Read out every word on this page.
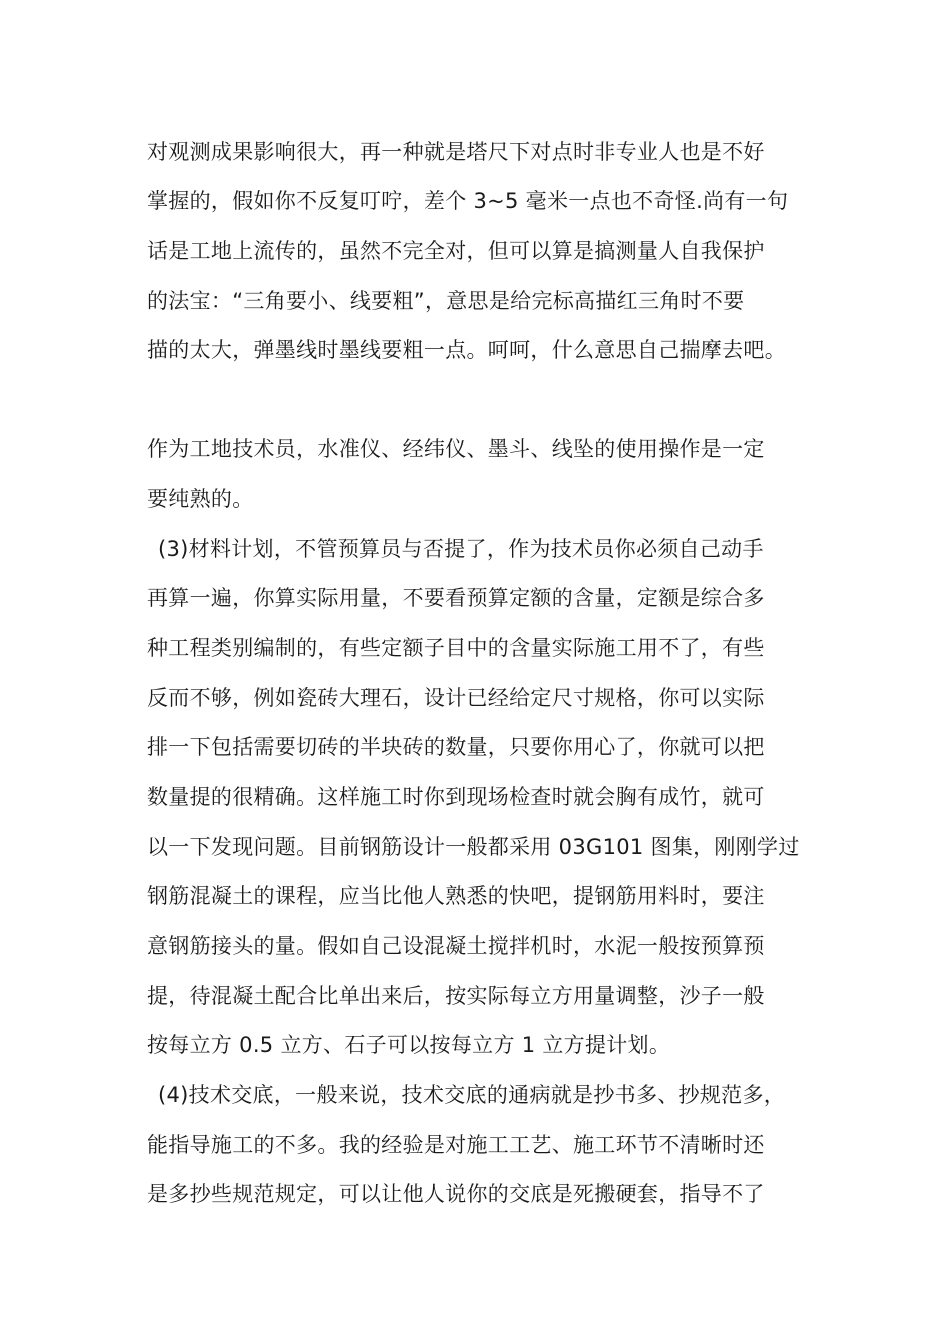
对观测成果影响很大，再一种就是塔尺下对点时非专业人也是不好

掌握的，假如你不反复叮咛，差个 3~5 毫米一点也不奇怪.尚有一句

话是工地上流传的，虽然不完全对，但可以算是搞测量人自我保护

的法宝：“三角要小、线要粗”，意思是给完标高描红三角时不要

描的太大，弹墨线时墨线要粗一点。呵呵，什么意思自己揣摩去吧。

作为工地技术员，水准仪、经纬仪、墨斗、线坠的使用操作是一定

要纯熟的。

(3)材料计划，不管预算员与否提了，作为技术员你必须自己动手

再算一遍，你算实际用量，不要看预算定额的含量，定额是综合多

种工程类别编制的，有些定额子目中的含量实际施工用不了，有些

反而不够，例如瓷砖大理石，设计已经给定尺寸规格，你可以实际

排一下包括需要切砖的半块砖的数量，只要你用心了，你就可以把

数量提的很精确。这样施工时你到现场检查时就会胸有成竹，就可

以一下发现问题。目前钢筋设计一般都采用 03G101 图集，刚刚学过

钢筋混凝土的课程，应当比他人熟悉的快吧，提钢筋用料时，要注

意钢筋接头的量。假如自己设混凝土搅拌机时，水泥一般按预算预

提，待混凝土配合比单出来后，按实际每立方用量调整，沙子一般

按每立方 0.5 立方、石子可以按每立方 1 立方提计划。

(4)技术交底，一般来说，技术交底的通病就是抄书多、抄规范多，

能指导施工的不多。我的经验是对施工工艺、施工环节不清晰时还

是多抄些规范规定，可以让他人说你的交底是死搬硬套，指导不了
